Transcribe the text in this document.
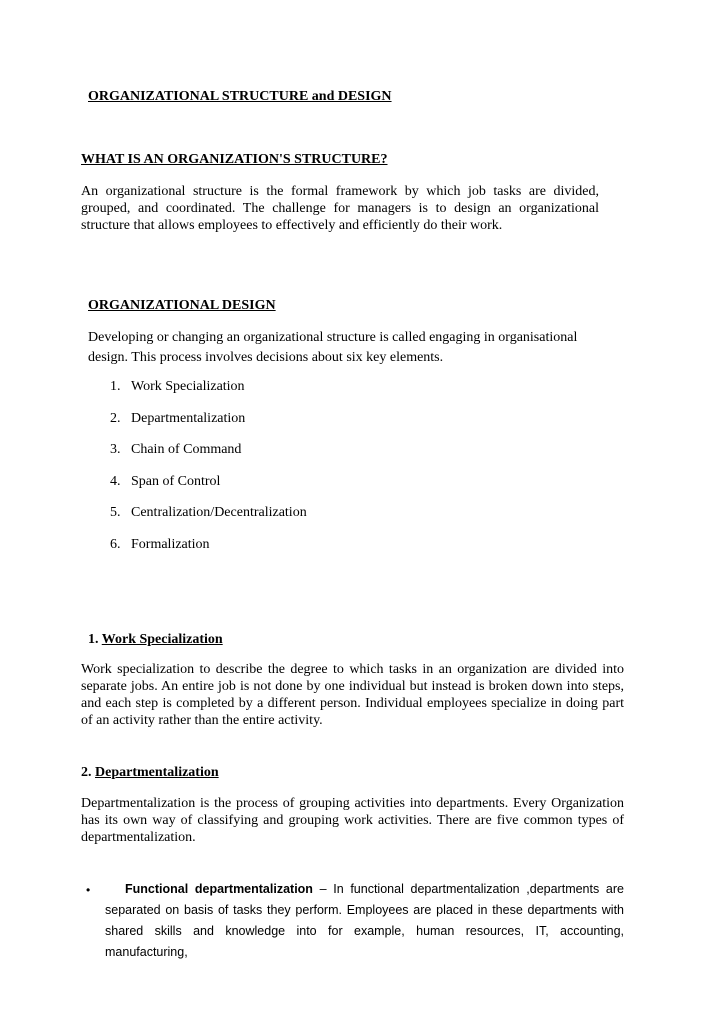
ORGANIZATIONAL STRUCTURE and DESIGN
WHAT IS AN ORGANIZATION'S STRUCTURE?
An organizational structure is the formal framework by which job tasks are divided, grouped, and coordinated. The challenge for managers is to design an organizational structure that allows employees to effectively and efficiently do their work.
ORGANIZATIONAL DESIGN
Developing or changing an organizational structure is called engaging in organisational design. This process involves decisions about six key elements.
1. Work Specialization
2. Departmentalization
3. Chain of Command
4. Span of Control
5. Centralization/Decentralization
6. Formalization
1. Work Specialization
Work specialization to describe the degree to which tasks in an organization are divided into separate jobs. An entire job is not done by one individual but instead is broken down into steps, and each step is completed by a different person. Individual employees specialize in doing part of an activity rather than the entire activity.
2. Departmentalization
Departmentalization is the process of grouping activities into departments. Every Organization has its own way of classifying and grouping work activities. There are five common types of departmentalization.
•	Functional departmentalization – In functional departmentalization ,departments are separated on basis of tasks they perform. Employees are placed in these departments with shared skills and knowledge into for example, human resources, IT, accounting, manufacturing,
